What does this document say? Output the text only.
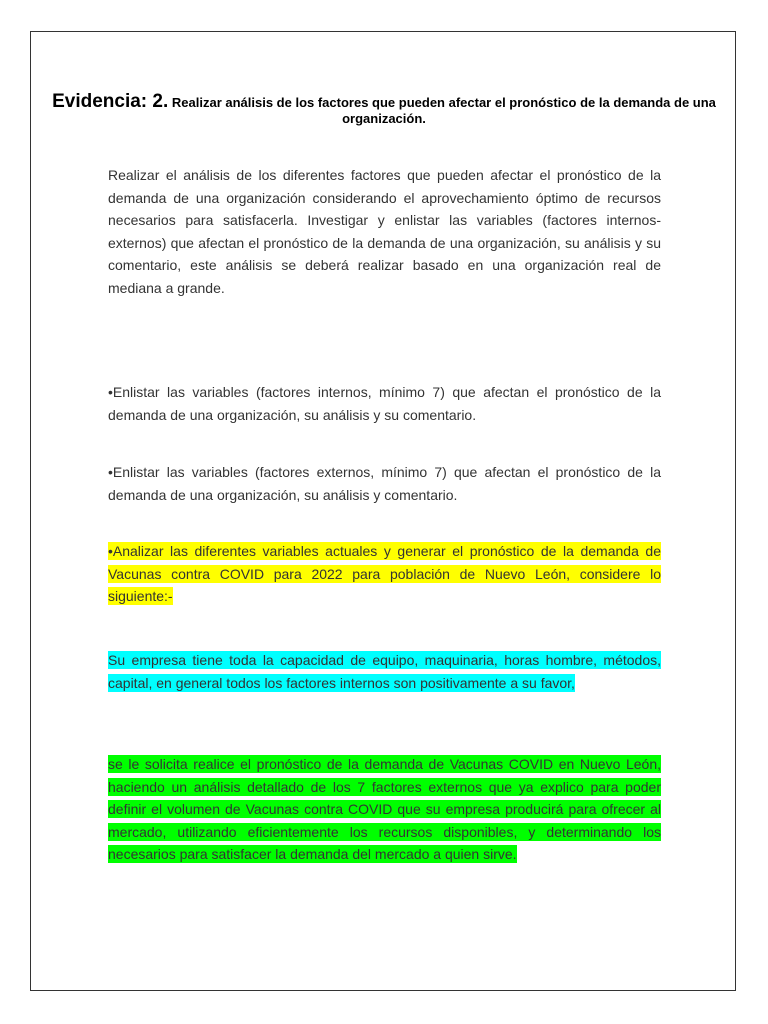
Evidencia: 2. Realizar análisis de los factores que pueden afectar el pronóstico de la demanda de una organización.

Realizar el análisis de los diferentes factores que pueden afectar el pronóstico de la demanda de una organización considerando el aprovechamiento óptimo de recursos necesarios para satisfacerla. Investigar y enlistar las variables (factores internos-externos) que afectan el pronóstico de la demanda de una organización, su análisis y su comentario, este análisis se deberá realizar basado en una organización real de mediana a grande.

•Enlistar las variables (factores internos, mínimo 7) que afectan el pronóstico de la demanda de una organización, su análisis y su comentario.

•Enlistar las variables (factores externos, mínimo 7) que afectan el pronóstico de la demanda de una organización, su análisis y comentario.

•Analizar las diferentes variables actuales y generar el pronóstico de la demanda de Vacunas contra COVID para 2022 para población de Nuevo León, considere lo siguiente:-

Su empresa tiene toda la capacidad de equipo, maquinaria, horas hombre, métodos, capital, en general todos los factores internos son positivamente a su favor,

se le solicita realice el pronóstico de la demanda de Vacunas COVID en Nuevo León, haciendo un análisis detallado de los 7 factores externos que ya explico para poder definir el volumen de Vacunas contra COVID que su empresa producirá para ofrecer al mercado, utilizando eficientemente los recursos disponibles, y determinando los necesarios para satisfacer la demanda del mercado a quien sirve.
